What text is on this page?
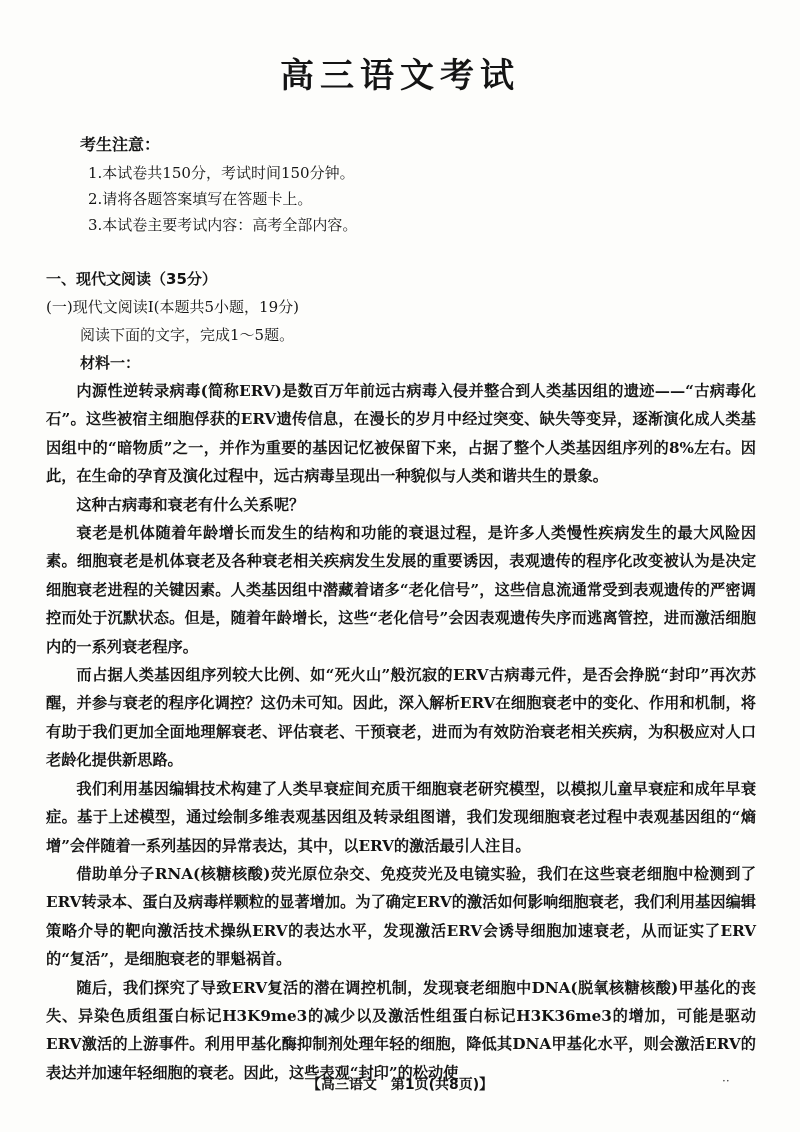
高三语文考试
考生注意：
1.本试卷共150分，考试时间150分钟。
2.请将各题答案填写在答题卡上。
3.本试卷主要考试内容：高考全部内容。
一、现代文阅读（35分）
(一)现代文阅读Ⅰ(本题共5小题，19分)
阅读下面的文字，完成1～5题。
材料一：

内源性逆转录病毒(简称ERV)是数百万年前远古病毒入侵并整合到人类基因组的遗迹——“古病毒化石”。这些被宿主细胞俘获的ERV遗传信息，在漫长的岁月中经过突变、缺失等变异，逐渐演化成人类基因组中的“暗物质”之一，并作为重要的基因记忆被保留下来，占据了整个人类基因组序列的8%左右。因此，在生命的孕育及演化过程中，远古病毒呈现出一种貌似与人类和谐共生的景象。

这种古病毒和衰老有什么关系呢？

衰老是机体随着年龄增长而发生的结构和功能的衰退过程，是许多人类慢性疾病发生的最大风险因素。细胞衰老是机体衰老及各种衰老相关疾病发生发展的重要诱因，表观遗传的程序化改变被认为是决定细胞衰老进程的关键因素。人类基因组中潜藏着诸多“老化信号”，这些信息流通常受到表观遗传的严密调控而处于沉默状态。但是，随着年龄增长，这些“老化信号”会因表观遗传失序而逃离管控，进而激活细胞内的一系列衰老程序。

而占据人类基因组序列较大比例、如“死火山”般沉寂的ERV古病毒元件，是否会挣脱“封印”再次苏醒，并参与衰老的程序化调控？这仍未可知。因此，深入解析ERV在细胞衰老中的变化、作用和机制，将有助于我们更加全面地理解衰老、评估衰老、干预衰老，进而为有效防治衰老相关疾病，为积极应对人口老龄化提供新思路。

我们利用基因编辑技术构建了人类早衰症间充质干细胞衰老研究模型，以模拟儿童早衰症和成年早衰症。基于上述模型，通过绘制多维表观基因组及转录组图谱，我们发现细胞衰老过程中表观基因组的“熵增”会伴随着一系列基因的异常表达，其中，以ERV的激活最引人注目。

借助单分子RNA(核糖核酸)荧光原位杂交、免疫荧光及电镜实验，我们在这些衰老细胞中检测到了ERV转录本、蛋白及病毒样颗粒的显著增加。为了确定ERV的激活如何影响细胞衰老，我们利用基因编辑策略介导的靶向激活技术操纵ERV的表达水平，发现激活ERV会诱导细胞加速衰老，从而证实了ERV的“复活”，是细胞衰老的罪魁祸首。

随后，我们探究了导致ERV复活的潜在调控机制，发现衰老细胞中DNA(脱氧核糖核酸)甲基化的丧失、异染色质组蛋白标记H3K9me3的减少以及激活性组蛋白标记H3K36me3的增加，可能是驱动ERV激活的上游事件。利用甲基化酶抑制剂处理年轻的细胞，降低其DNA甲基化水平，则会激活ERV的表达并加速年轻细胞的衰老。因此，这些表观“封印”的松动使

【高三语文　第1页(共8页)】	··
